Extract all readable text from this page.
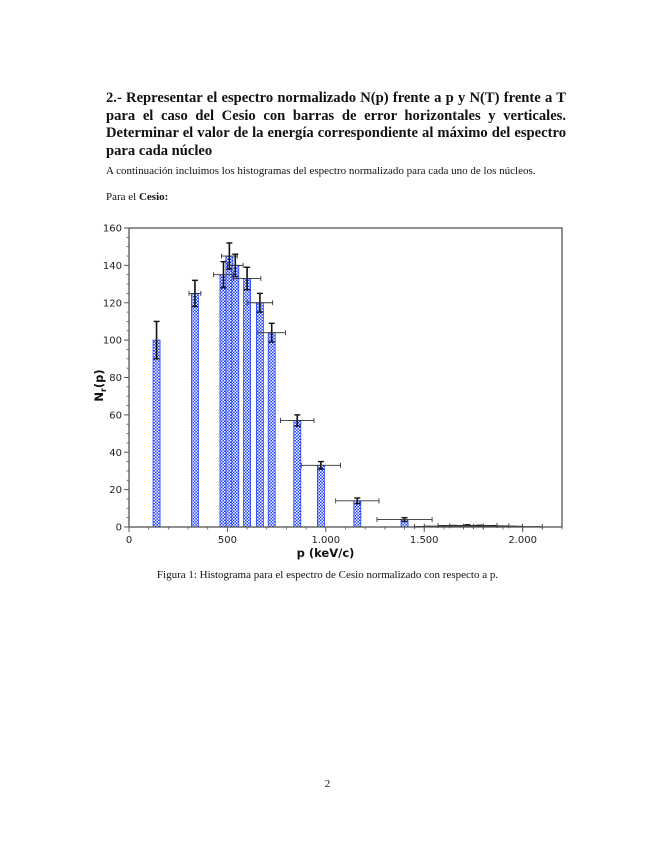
2.- Representar el espectro normalizado N(p) frente a p y N(T) frente a T para el caso del Cesio con barras de error horizontales y verticales. Determinar el valor de la energía correspondiente al máximo del espectro para cada núcleo
A continuación incluimos los histogramas del espectro normalizado para cada uno de los núcleos.
Para el Cesio:
0
20
40
60
80
100
120
140
160
0	500	1.000	1.500	2.000
p (keV/c)
$N_r(p)$
Figura 1: Histograma para el espectro de Cesio normalizado con respecto a p.
2
